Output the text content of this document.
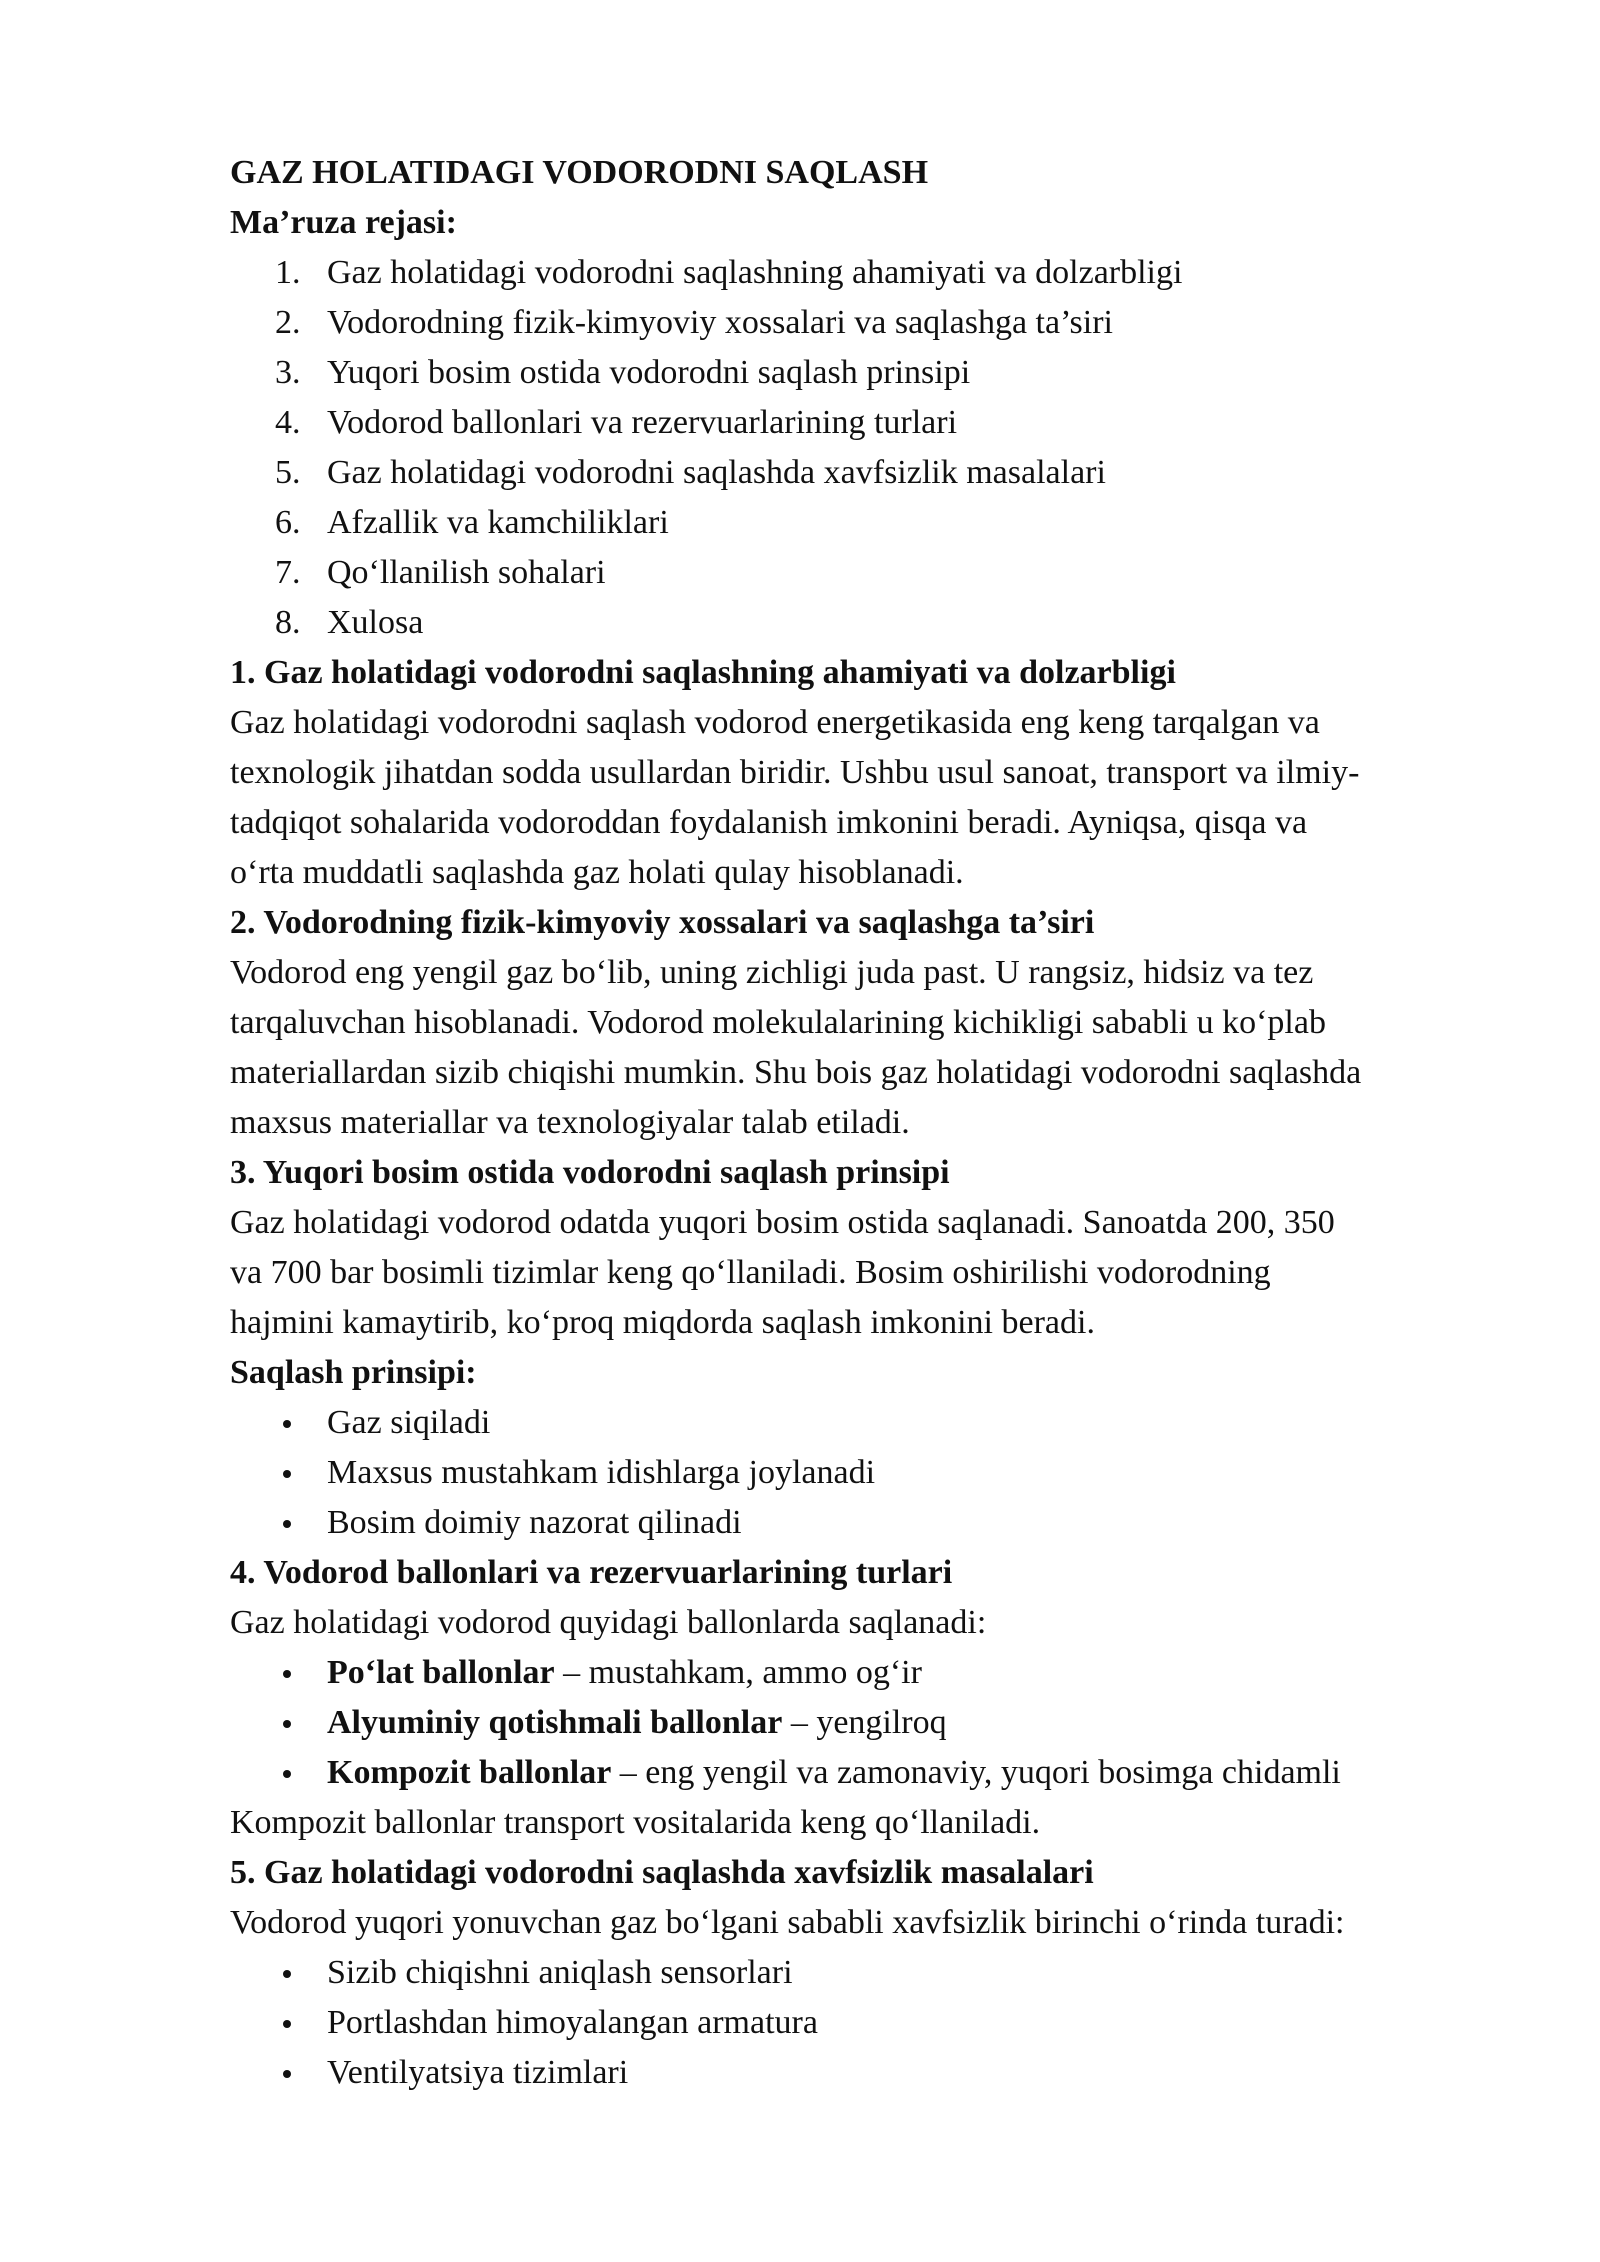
GAZ HOLATIDAGI VODORODNI SAQLASH

Ma’ruza rejasi:

1. Gaz holatidagi vodorodni saqlashning ahamiyati va dolzarbligi
2. Vodorodning fizik-kimyoviy xossalari va saqlashga ta’siri
3. Yuqori bosim ostida vodorodni saqlash prinsipi
4. Vodorod ballonlari va rezervuarlarining turlari
5. Gaz holatidagi vodorodni saqlashda xavfsizlik masalalari
6. Afzallik va kamchiliklari
7. Qo‘llanilish sohalari
8. Xulosa

1. Gaz holatidagi vodorodni saqlashning ahamiyati va dolzarbligi

Gaz holatidagi vodorodni saqlash vodorod energetikasida eng keng tarqalgan va

texnologik jihatdan sodda usullardan biridir. Ushbu usul sanoat, transport va ilmiy-

tadqiqot sohalarida vodoroddan foydalanish imkonini beradi. Ayniqsa, qisqa va

o‘rta muddatli saqlashda gaz holati qulay hisoblanadi.

2. Vodorodning fizik-kimyoviy xossalari va saqlashga ta’siri

Vodorod eng yengil gaz bo‘lib, uning zichligi juda past. U rangsiz, hidsiz va tez

tarqaluvchan hisoblanadi. Vodorod molekulalarining kichikligi sababli u ko‘plab

materiallardan sizib chiqishi mumkin. Shu bois gaz holatidagi vodorodni saqlashda

maxsus materiallar va texnologiyalar talab etiladi.

3. Yuqori bosim ostida vodorodni saqlash prinsipi

Gaz holatidagi vodorod odatda yuqori bosim ostida saqlanadi. Sanoatda 200, 350

va 700 bar bosimli tizimlar keng qo‘llaniladi. Bosim oshirilishi vodorodning

hajmini kamaytirib, ko‘proq miqdorda saqlash imkonini beradi.

Saqlash prinsipi:

Gaz siqiladi
Maxsus mustahkam idishlarga joylanadi
Bosim doimiy nazorat qilinadi

4. Vodorod ballonlari va rezervuarlarining turlari

Gaz holatidagi vodorod quyidagi ballonlarda saqlanadi:

Po‘lat ballonlar – mustahkam, ammo og‘ir
Alyuminiy qotishmali ballonlar – yengilroq
Kompozit ballonlar – eng yengil va zamonaviy, yuqori bosimga chidamli

Kompozit ballonlar transport vositalarida keng qo‘llaniladi.

5. Gaz holatidagi vodorodni saqlashda xavfsizlik masalalari

Vodorod yuqori yonuvchan gaz bo‘lgani sababli xavfsizlik birinchi o‘rinda turadi:

Sizib chiqishni aniqlash sensorlari
Portlashdan himoyalangan armatura
Ventilyatsiya tizimlari
